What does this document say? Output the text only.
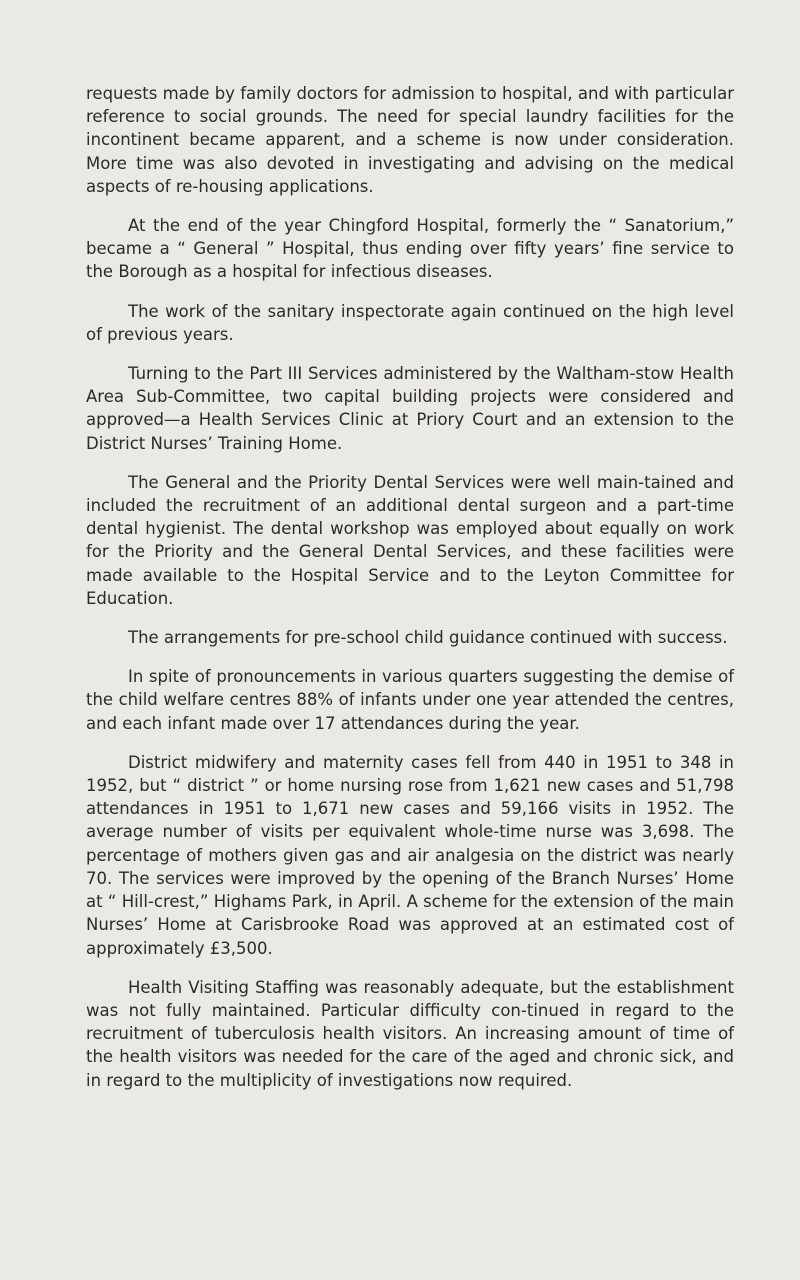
requests made by family doctors for admission to hospital, and with particular reference to social grounds. The need for special laundry facilities for the incontinent became apparent, and a scheme is now under consideration. More time was also devoted in investigating and advising on the medical aspects of re-housing applications.

At the end of the year Chingford Hospital, formerly the “ Sanatorium,” became a “ General ” Hospital, thus ending over fifty years’ fine service to the Borough as a hospital for infectious diseases.

The work of the sanitary inspectorate again continued on the high level of previous years.

Turning to the Part III Services administered by the Waltham-stow Health Area Sub-Committee, two capital building projects were considered and approved—a Health Services Clinic at Priory Court and an extension to the District Nurses’ Training Home.

The General and the Priority Dental Services were well main-tained and included the recruitment of an additional dental surgeon and a part-time dental hygienist. The dental workshop was employed about equally on work for the Priority and the General Dental Services, and these facilities were made available to the Hospital Service and to the Leyton Committee for Education.

The arrangements for pre-school child guidance continued with success.

In spite of pronouncements in various quarters suggesting the demise of the child welfare centres 88% of infants under one year attended the centres, and each infant made over 17 attendances during the year.

District midwifery and maternity cases fell from 440 in 1951 to 348 in 1952, but “ district ” or home nursing rose from 1,621 new cases and 51,798 attendances in 1951 to 1,671 new cases and 59,166 visits in 1952. The average number of visits per equivalent whole-time nurse was 3,698. The percentage of mothers given gas and air analgesia on the district was nearly 70. The services were improved by the opening of the Branch Nurses’ Home at “ Hill-crest,” Highams Park, in April. A scheme for the extension of the main Nurses’ Home at Carisbrooke Road was approved at an estimated cost of approximately £3,500.

Health Visiting Staffing was reasonably adequate, but the establishment was not fully maintained. Particular difficulty con-tinued in regard to the recruitment of tuberculosis health visitors. An increasing amount of time of the health visitors was needed for the care of the aged and chronic sick, and in regard to the multiplicity of investigations now required.
